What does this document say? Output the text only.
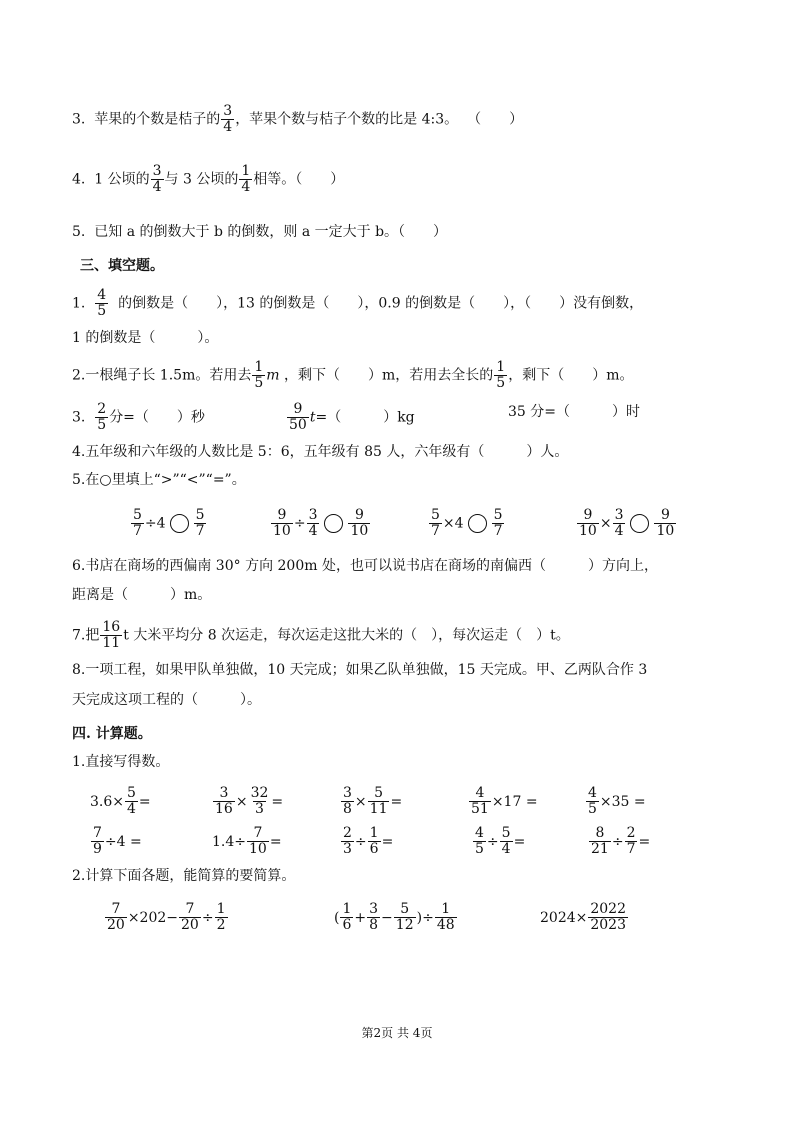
3. 苹果的个数是桔子的 $\frac{3}{4}$ ，苹果个数与桔子个数的比是 4:3。 （　　）
4. 1 公顷的 $\frac{3}{4}$ 与 3 公顷的 $\frac{1}{4}$ 相等。（　　）
5. 已知 a 的倒数大于 b 的倒数，则 a 一定大于 b。（　　）
三、填空题。
1. $\frac{4}{5}$ 的倒数是（　　），13 的倒数是（　　），0.9 的倒数是（　　），（　　）没有倒数，
1 的倒数是（　　　）。
2.一根绳子长 1.5m。若用去 $\frac{1}{5}$ m ，剩下（　　）m，若用去全长的 $\frac{1}{5}$ ，剩下（　　）m。
3. $\frac{2}{5}$ 分=（　　）秒	$\frac{9}{50} t=$（　　　）kg	35 分=（　　　）时
4.五年级和六年级的人数比是 5：6，五年级有 85 人，六年级有（　　　）人。
5.在○里填上“>”“<”“=”。
$\frac{5}{7} \div 4 \frac{5}{7}$	$\frac{9}{10} \div \frac{3}{4} \frac{9}{10}$	$\frac{5}{7} \times 4 \frac{5}{7}$	$\frac{9}{10} \times \frac{3}{4} \frac{9}{10}$
6.书店在商场的西偏南 30° 方向 200m 处，也可以说书店在商场的南偏西（　　　）方向上，
距离是（　　　）m。
7.把 $\frac{16}{11}$ t 大米平均分 8 次运走，每次运走这批大米的（　），每次运走（　）t。
8.一项工程，如果甲队单独做，10 天完成；如果乙队单独做，15 天完成。甲、乙两队合作 3
天完成这项工程的（　　　）。
四. 计算题。
1.直接写得数。
$3.6\times \frac{5}{4}$ =	$\frac{3}{16} \times \frac{32}{3}$ =	$\frac{3}{8} \times \frac{5}{11}$ =	$\frac{4}{51} \times 17$ =	$\frac{4}{5} \times 35$ =
$\frac{7}{9} \div 4$ =	$1.4\div \frac{7}{10}$ =	$\frac{2}{3} \div \frac{1}{6}$ =	$\frac{4}{5} \div \frac{5}{4}$ =	$\frac{8}{21} \div \frac{2}{7}$ =
2.计算下面各题，能简算的要简算。
$\frac{7}{20} \times 202- \frac{7}{20} \div \frac{1}{2}$	( $\frac{1}{6} + \frac{3}{8} - \frac{5}{12}$ )÷ $\frac{1}{48}$	$2024\times \frac{2022}{2023}$
第2页 共 4页
